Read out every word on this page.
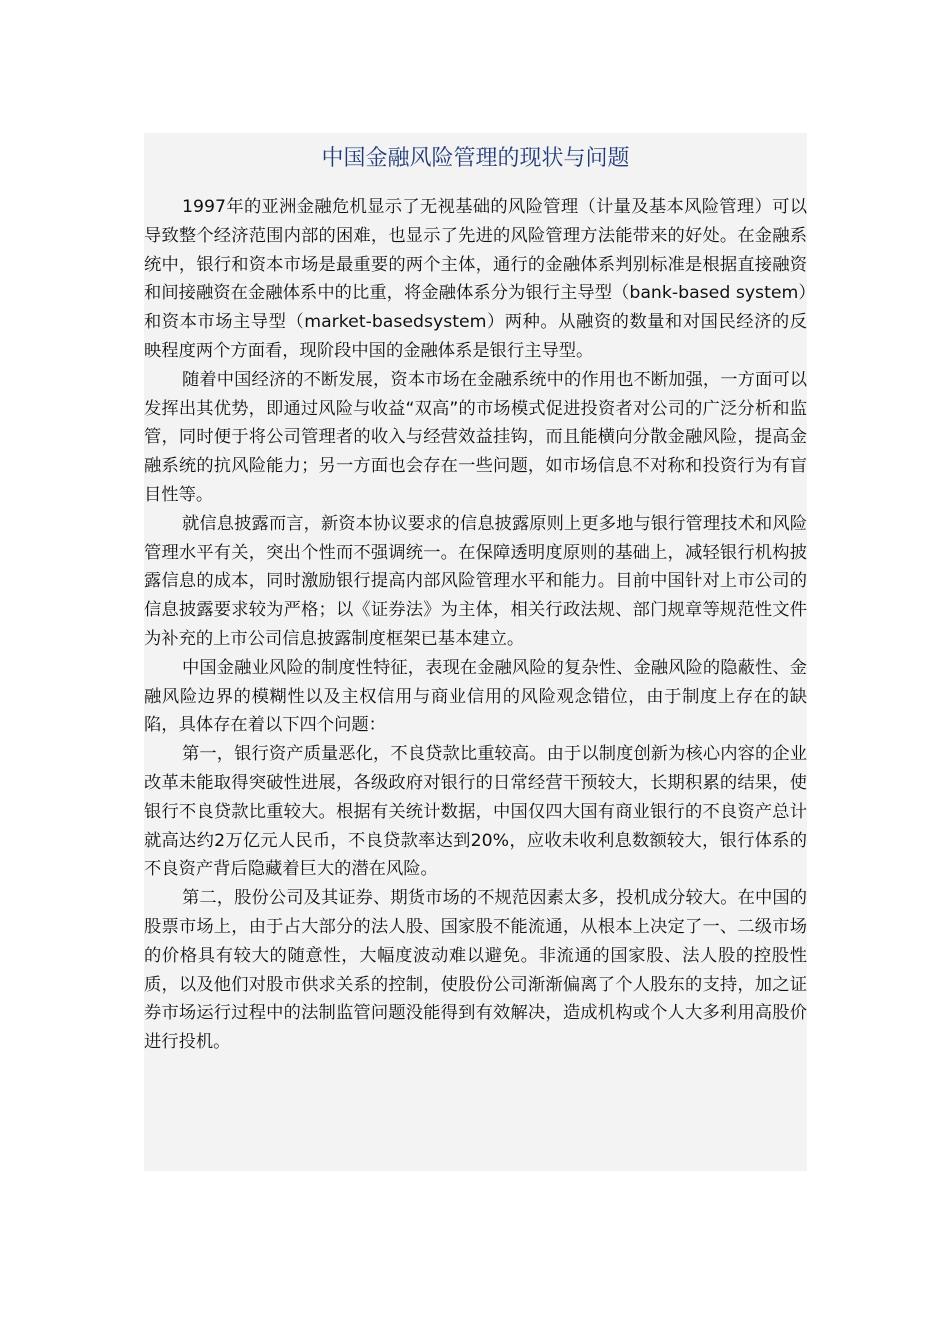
中国金融风险管理的现状与问题

1997年的亚洲金融危机显示了无视基础的风险管理（计量及基本风险管理）可以导致整个经济范围内部的困难，也显示了先进的风险管理方法能带来的好处。在金融系统中，银行和资本市场是最重要的两个主体，通行的金融体系判别标准是根据直接融资和间接融资在金融体系中的比重，将金融体系分为银行主导型（bank-based system）和资本市场主导型（market-basedsystem）两种。从融资的数量和对国民经济的反映程度两个方面看，现阶段中国的金融体系是银行主导型。

随着中国经济的不断发展，资本市场在金融系统中的作用也不断加强，一方面可以发挥出其优势，即通过风险与收益“双高”的市场模式促进投资者对公司的广泛分析和监管，同时便于将公司管理者的收入与经营效益挂钩，而且能横向分散金融风险，提高金融系统的抗风险能力；另一方面也会存在一些问题，如市场信息不对称和投资行为有盲目性等。

就信息披露而言，新资本协议要求的信息披露原则上更多地与银行管理技术和风险管理水平有关，突出个性而不强调统一。在保障透明度原则的基础上，减轻银行机构披露信息的成本，同时激励银行提高内部风险管理水平和能力。目前中国针对上市公司的信息披露要求较为严格；以《证券法》为主体，相关行政法规、部门规章等规范性文件为补充的上市公司信息披露制度框架已基本建立。

中国金融业风险的制度性特征，表现在金融风险的复杂性、金融风险的隐蔽性、金融风险边界的模糊性以及主权信用与商业信用的风险观念错位，由于制度上存在的缺陷，具体存在着以下四个问题：

第一，银行资产质量恶化，不良贷款比重较高。由于以制度创新为核心内容的企业改革未能取得突破性进展，各级政府对银行的日常经营干预较大，长期积累的结果，使银行不良贷款比重较大。根据有关统计数据，中国仅四大国有商业银行的不良资产总计就高达约2万亿元人民币，不良贷款率达到20%，应收未收利息数额较大，银行体系的不良资产背后隐藏着巨大的潜在风险。

第二，股份公司及其证券、期货市场的不规范因素太多，投机成分较大。在中国的股票市场上，由于占大部分的法人股、国家股不能流通，从根本上决定了一、二级市场的价格具有较大的随意性，大幅度波动难以避免。非流通的国家股、法人股的控股性质，以及他们对股市供求关系的控制，使股份公司渐渐偏离了个人股东的支持，加之证券市场运行过程中的法制监管问题没能得到有效解决，造成机构或个人大多利用高股价进行投机。
